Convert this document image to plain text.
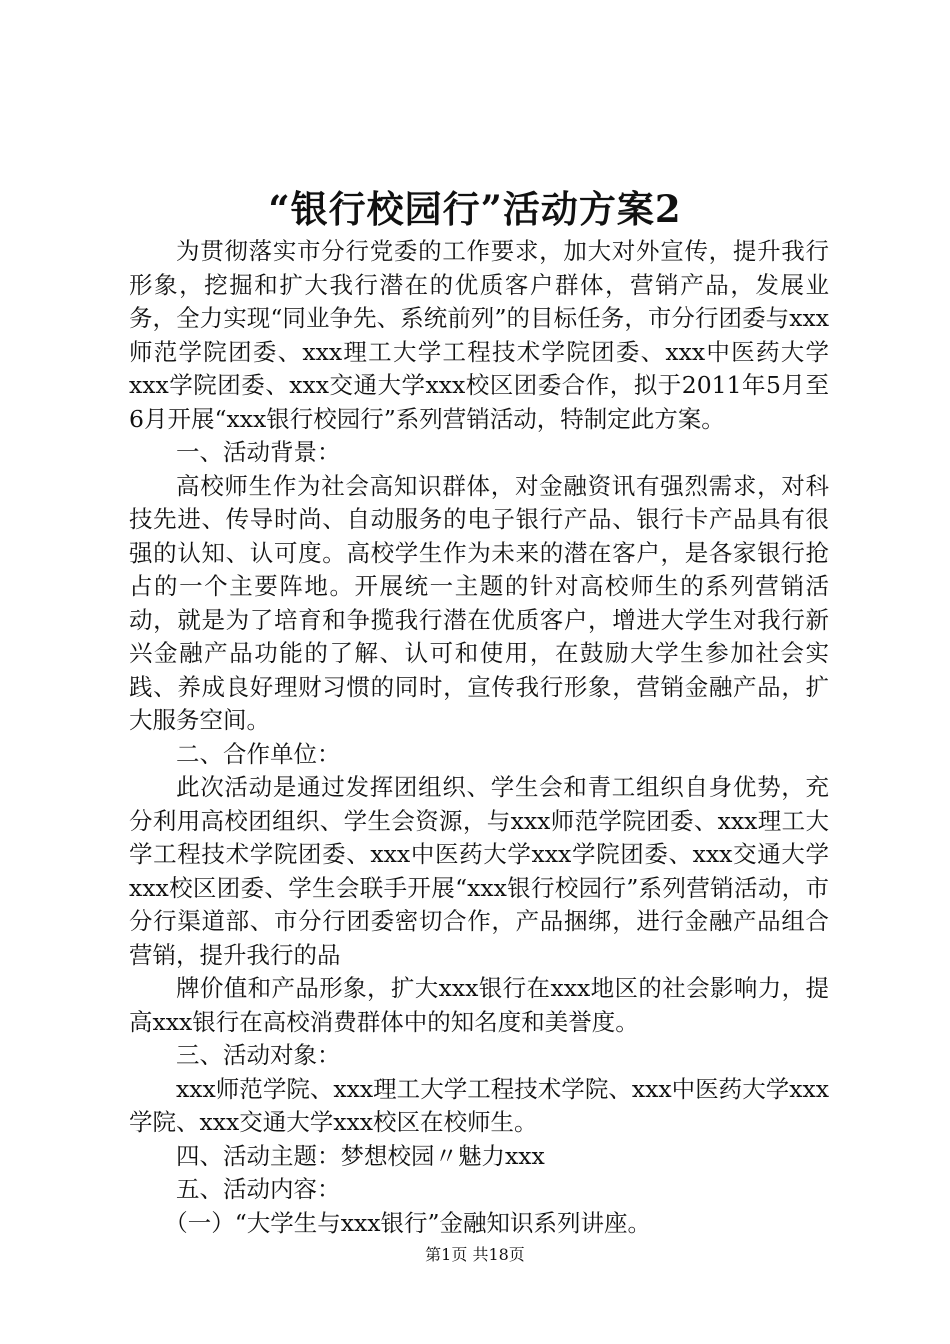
“银行校园行”活动方案2

为贯彻落实市分行党委的工作要求，加大对外宣传，提升我行形象，挖掘和扩大我行潜在的优质客户群体，营销产品，发展业务，全力实现“同业争先、系统前列”的目标任务，市分行团委与xxx师范学院团委、xxx理工大学工程技术学院团委、xxx中医药大学xxx学院团委、xxx交通大学xxx校区团委合作，拟于2011年5月至6月开展“xxx银行校园行”系列营销活动，特制定此方案。

一、活动背景：

高校师生作为社会高知识群体，对金融资讯有强烈需求，对科技先进、传导时尚、自动服务的电子银行产品、银行卡产品具有很强的认知、认可度。高校学生作为未来的潜在客户，是各家银行抢占的一个主要阵地。开展统一主题的针对高校师生的系列营销活动，就是为了培育和争揽我行潜在优质客户，增进大学生对我行新兴金融产品功能的了解、认可和使用，在鼓励大学生参加社会实践、养成良好理财习惯的同时，宣传我行形象，营销金融产品，扩大服务空间。

二、合作单位：

此次活动是通过发挥团组织、学生会和青工组织自身优势，充分利用高校团组织、学生会资源，与xxx师范学院团委、xxx理工大学工程技术学院团委、xxx中医药大学xxx学院团委、xxx交通大学xxx校区团委、学生会联手开展“xxx银行校园行”系列营销活动，市分行渠道部、市分行团委密切合作，产品捆绑，进行金融产品组合营销，提升我行的品

牌价值和产品形象，扩大xxx银行在xxx地区的社会影响力，提高xxx银行在高校消费群体中的知名度和美誉度。

三、活动对象：

xxx师范学院、xxx理工大学工程技术学院、xxx中医药大学xxx学院、xxx交通大学xxx校区在校师生。

四、活动主题：梦想校园〃魅力xxx

五、活动内容：

（一）“大学生与xxx银行”金融知识系列讲座。

第1页 共18页
